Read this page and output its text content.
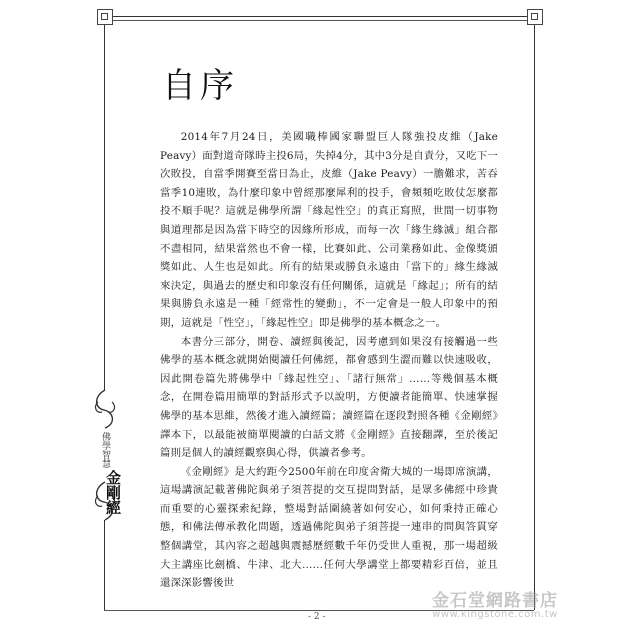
佛學智慧
金剛經
自序

2014年7月24日，美國職棒國家聯盟巨人隊強投皮維（Jake Peavy）面對道奇隊時主投6局，失掉4分，其中3分是自責分，又吃下一次敗投，自當季開賽至當日為止，皮維（Jake Peavy）一膽難求，苦吞當季10連敗，為什麼印象中曾經那麼犀利的投手，會頻頻吃敗仗怎麼都投不順手呢？這就是佛學所謂「緣起性空」的真正寫照，世間一切事物與道理都是因為當下時空的因緣所形成，而每一次「緣生緣滅」組合都不盡相同，結果當然也不會一樣，比賽如此、公司業務如此、金像獎頒獎如此、人生也是如此。所有的結果或勝負永遠由「當下的」緣生緣滅來決定，與過去的歷史和印象沒有任何關係，這就是「緣起」；所有的結果與勝負永遠是一種「經常性的變動」，不一定會是一般人印象中的預期，這就是「性空」，「緣起性空」即是佛學的基本概念之一。

本書分三部分，開卷、讀經與後記，因考慮到如果沒有接觸過一些佛學的基本概念就開始閱讀任何佛經，都會感到生澀而難以快速吸收，因此開卷篇先將佛學中「緣起性空」、「諸行無常」……等幾個基本概念，在開卷篇用簡單的對話形式予以說明，方便讀者能簡單、快速掌握佛學的基本思維，然後才進入讀經篇；讀經篇在逐段對照各種《金剛經》譯本下，以最能被簡單閱讀的白話文將《金剛經》直接翻譯，至於後記篇則是個人的讀經觀察與心得，供讀者參考。

《金剛經》是大約距今2500年前在印度舍衛大城的一場即席演講，這場講演記載著佛陀與弟子須菩提的交互提問對話，是眾多佛經中珍貴而重要的心靈探索紀錄，整場對話圍繞著如何安心，如何秉持正確心態，和佛法傳承教化問題，透過佛陀與弟子須菩提一連串的問與答貫穿整個講堂，其內容之超越與震撼歷經數千年仍受世人重視，那一場超級大主講座比劍橋、牛津、北大……任何大學講堂上都要精彩百倍，並且還深深影響後世

- 2 -
金石堂網路書店
www.kingstone.com.tw
